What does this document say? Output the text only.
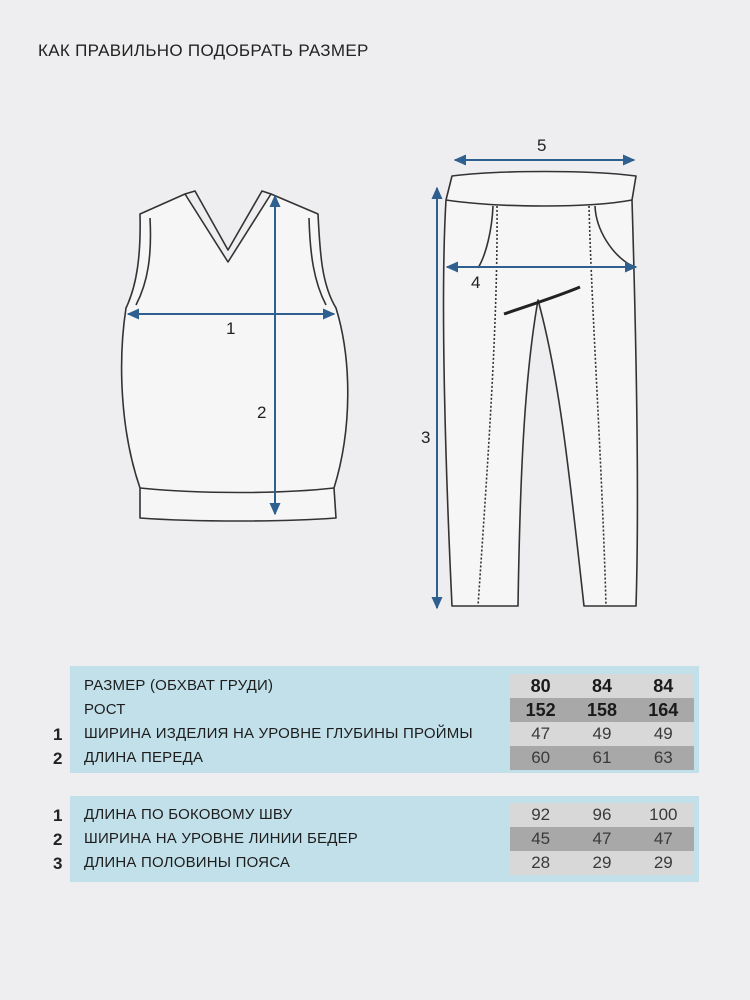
КАК ПРАВИЛЬНО ПОДОБРАТЬ РАЗМЕР
1
2
3
4
5
РАЗМЕР (ОБХВАТ ГРУДИ)	80	84	84
РОСТ	152	158	164
1 ШИРИНА ИЗДЕЛИЯ НА УРОВНЕ ГЛУБИНЫ ПРОЙМЫ	47	49	49
2 ДЛИНА ПЕРЕДА	60	61	63
1 ДЛИНА ПО БОКОВОМУ ШВУ	92	96	100
2 ШИРИНА НА УРОВНЕ ЛИНИИ БЕДЕР	45	47	47
3 ДЛИНА ПОЛОВИНЫ ПОЯСА	28	29	29
